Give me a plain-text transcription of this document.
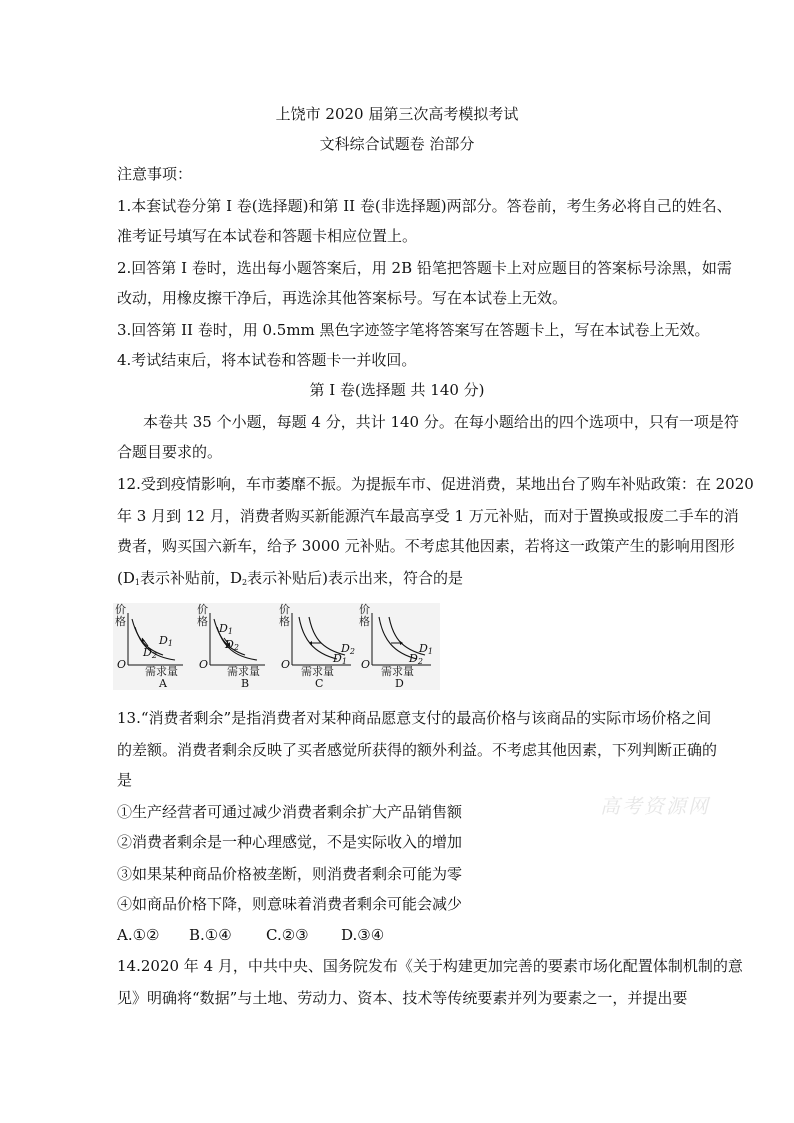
上饶市 2020 届第三次高考模拟考试
文科综合试题卷 治部分
注意事项：
1.本套试卷分第 I 卷(选择题)和第 II 卷(非选择题)两部分。答卷前，考生务必将自己的姓名、
准考证号填写在本试卷和答题卡相应位置上。
2.回答第 I 卷时，选出每小题答案后，用 2B 铅笔把答题卡上对应题目的答案标号涂黑，如需
改动，用橡皮擦干净后，再选涂其他答案标号。写在本试卷上无效。
3.回答第 II 卷时，用 0.5mm 黑色字迹签字笔将答案写在答题卡上，写在本试卷上无效。
4.考试结束后，将本试卷和答题卡一并收回。
第 I 卷(选择题 共 140 分)
本卷共 35 个小题，每题 4 分，共计 140 分。在每小题给出的四个选项中，只有一项是符
合题目要求的。
12.受到疫情影响，车市萎靡不振。为提振车市、促进消费，某地出台了购车补贴政策：在 2020
年 3 月到 12 月，消费者购买新能源汽车最高享受 1 万元补贴，而对于置换或报废二手车的消
费者，购买国六新车，给予 3000 元补贴。不考虑其他因素，若将这一政策产生的影响用图形
($D_1$表示补贴前，$D_2$表示补贴后)表示出来，符合的是
价
格
$D_2$
$D_1$
O
需求量
A
价
格
$D_1$
$D_2$
O
需求量
B
价
格
$D_2$
$D_1$
O
需求量
C
价
格
$D_1$
$D_2$
O
需求量
D
13.“消费者剩余”是指消费者对某种商品愿意支付的最高价格与该商品的实际市场价格之间
的差额。消费者剩余反映了买者感觉所获得的额外利益。不考虑其他因素，下列判断正确的
是
①生产经营者可通过减少消费者剩余扩大产品销售额
②消费者剩余是一种心理感觉，不是实际收入的增加
③如果某种商品价格被垄断，则消费者剩余可能为零
④如商品价格下降，则意味着消费者剩余可能会减少
A.①② B.①④ C.②③ D.③④
14.2020 年 4 月，中共中央、国务院发布《关于构建更加完善的要素市场化配置体制机制的意
见》明确将“数据”与土地、劳动力、资本、技术等传统要素并列为要素之一，并提出要
高考资源网
